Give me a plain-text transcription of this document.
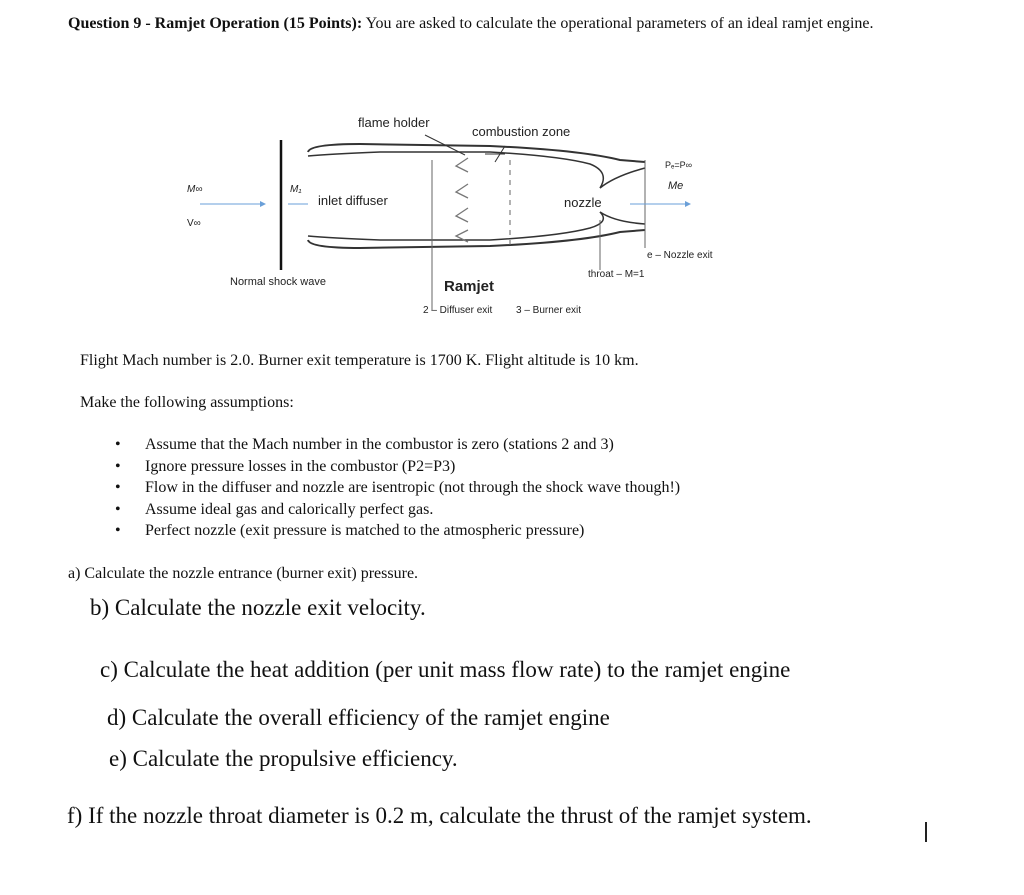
Question 9 - Ramjet Operation (15 Points): You are asked to calculate the operational parameters of an ideal ramjet engine.
flame holder
combustion zone
M∞
V∞
M₁
inlet diffuser	nozzle
Pₑ=P∞
Me
e – Nozzle exit
throat – M=1
Normal shock wave	Ramjet
2 – Diffuser exit 3 – Burner exit
Flight Mach number is 2.0. Burner exit temperature is 1700 K. Flight altitude is 10 km.
Make the following assumptions:
• Assume that the Mach number in the combustor is zero (stations 2 and 3)
• Ignore pressure losses in the combustor (P2=P3)
• Flow in the diffuser and nozzle are isentropic (not through the shock wave though!)
• Assume ideal gas and calorically perfect gas.
• Perfect nozzle (exit pressure is matched to the atmospheric pressure)
a) Calculate the nozzle entrance (burner exit) pressure.
b) Calculate the nozzle exit velocity.
c) Calculate the heat addition (per unit mass flow rate) to the ramjet engine
d) Calculate the overall efficiency of the ramjet engine
e) Calculate the propulsive efficiency.
f) If the nozzle throat diameter is 0.2 m, calculate the thrust of the ramjet system.
